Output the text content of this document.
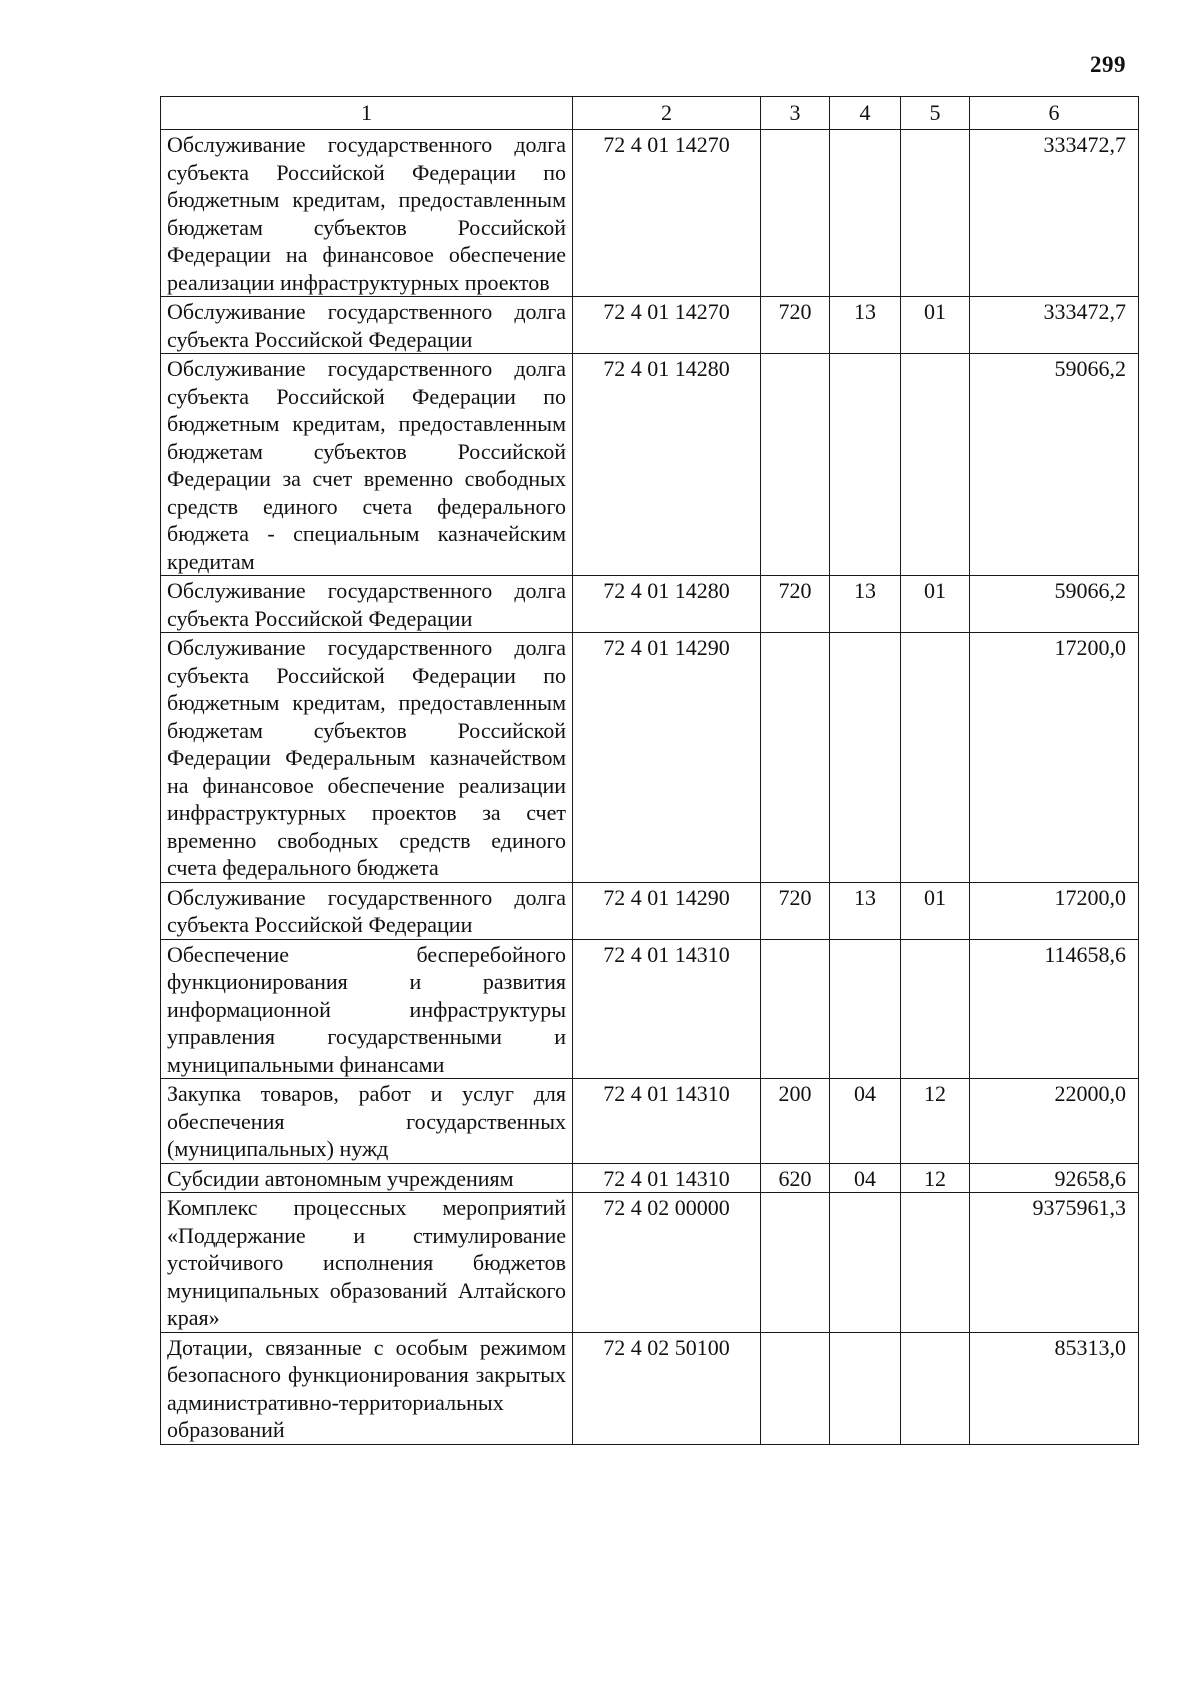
299
1	2	3	4	5	6
Обслуживание государственного долга субъекта Российской Федерации по бюджетным кредитам, предоставленным бюджетам субъектов Российской Федерации на финансовое обеспечение реализации инфраструктурных проектов	72 4 01 14270				333472,7
Обслуживание государственного долга субъекта Российской Федерации	72 4 01 14270	720	13	01	333472,7
Обслуживание государственного долга субъекта Российской Федерации по бюджетным кредитам, предоставленным бюджетам субъектов Российской Федерации за счет временно свободных средств единого счета федерального бюджета - специальным казначейским кредитам	72 4 01 14280				59066,2
Обслуживание государственного долга субъекта Российской Федерации	72 4 01 14280	720	13	01	59066,2
Обслуживание государственного долга субъекта Российской Федерации по бюджетным кредитам, предоставленным бюджетам субъектов Российской Федерации Федеральным казначейством на финансовое обеспечение реализации инфраструктурных проектов за счет временно свободных средств единого счета федерального бюджета	72 4 01 14290				17200,0
Обслуживание государственного долга субъекта Российской Федерации	72 4 01 14290	720	13	01	17200,0
Обеспечение бесперебойного функционирования и развития информационной инфраструктуры управления государственными и муниципальными финансами	72 4 01 14310				114658,6
Закупка товаров, работ и услуг для обеспечения государственных (муниципальных) нужд	72 4 01 14310	200	04	12	22000,0
Субсидии автономным учреждениям	72 4 01 14310	620	04	12	92658,6
Комплекс процессных мероприятий «Поддержание и стимулирование устойчивого исполнения бюджетов муниципальных образований Алтайского края»	72 4 02 00000				9375961,3
Дотации, связанные с особым режимом безопасного функционирования закрытых административно-территориальных образований	72 4 02 50100				85313,0
